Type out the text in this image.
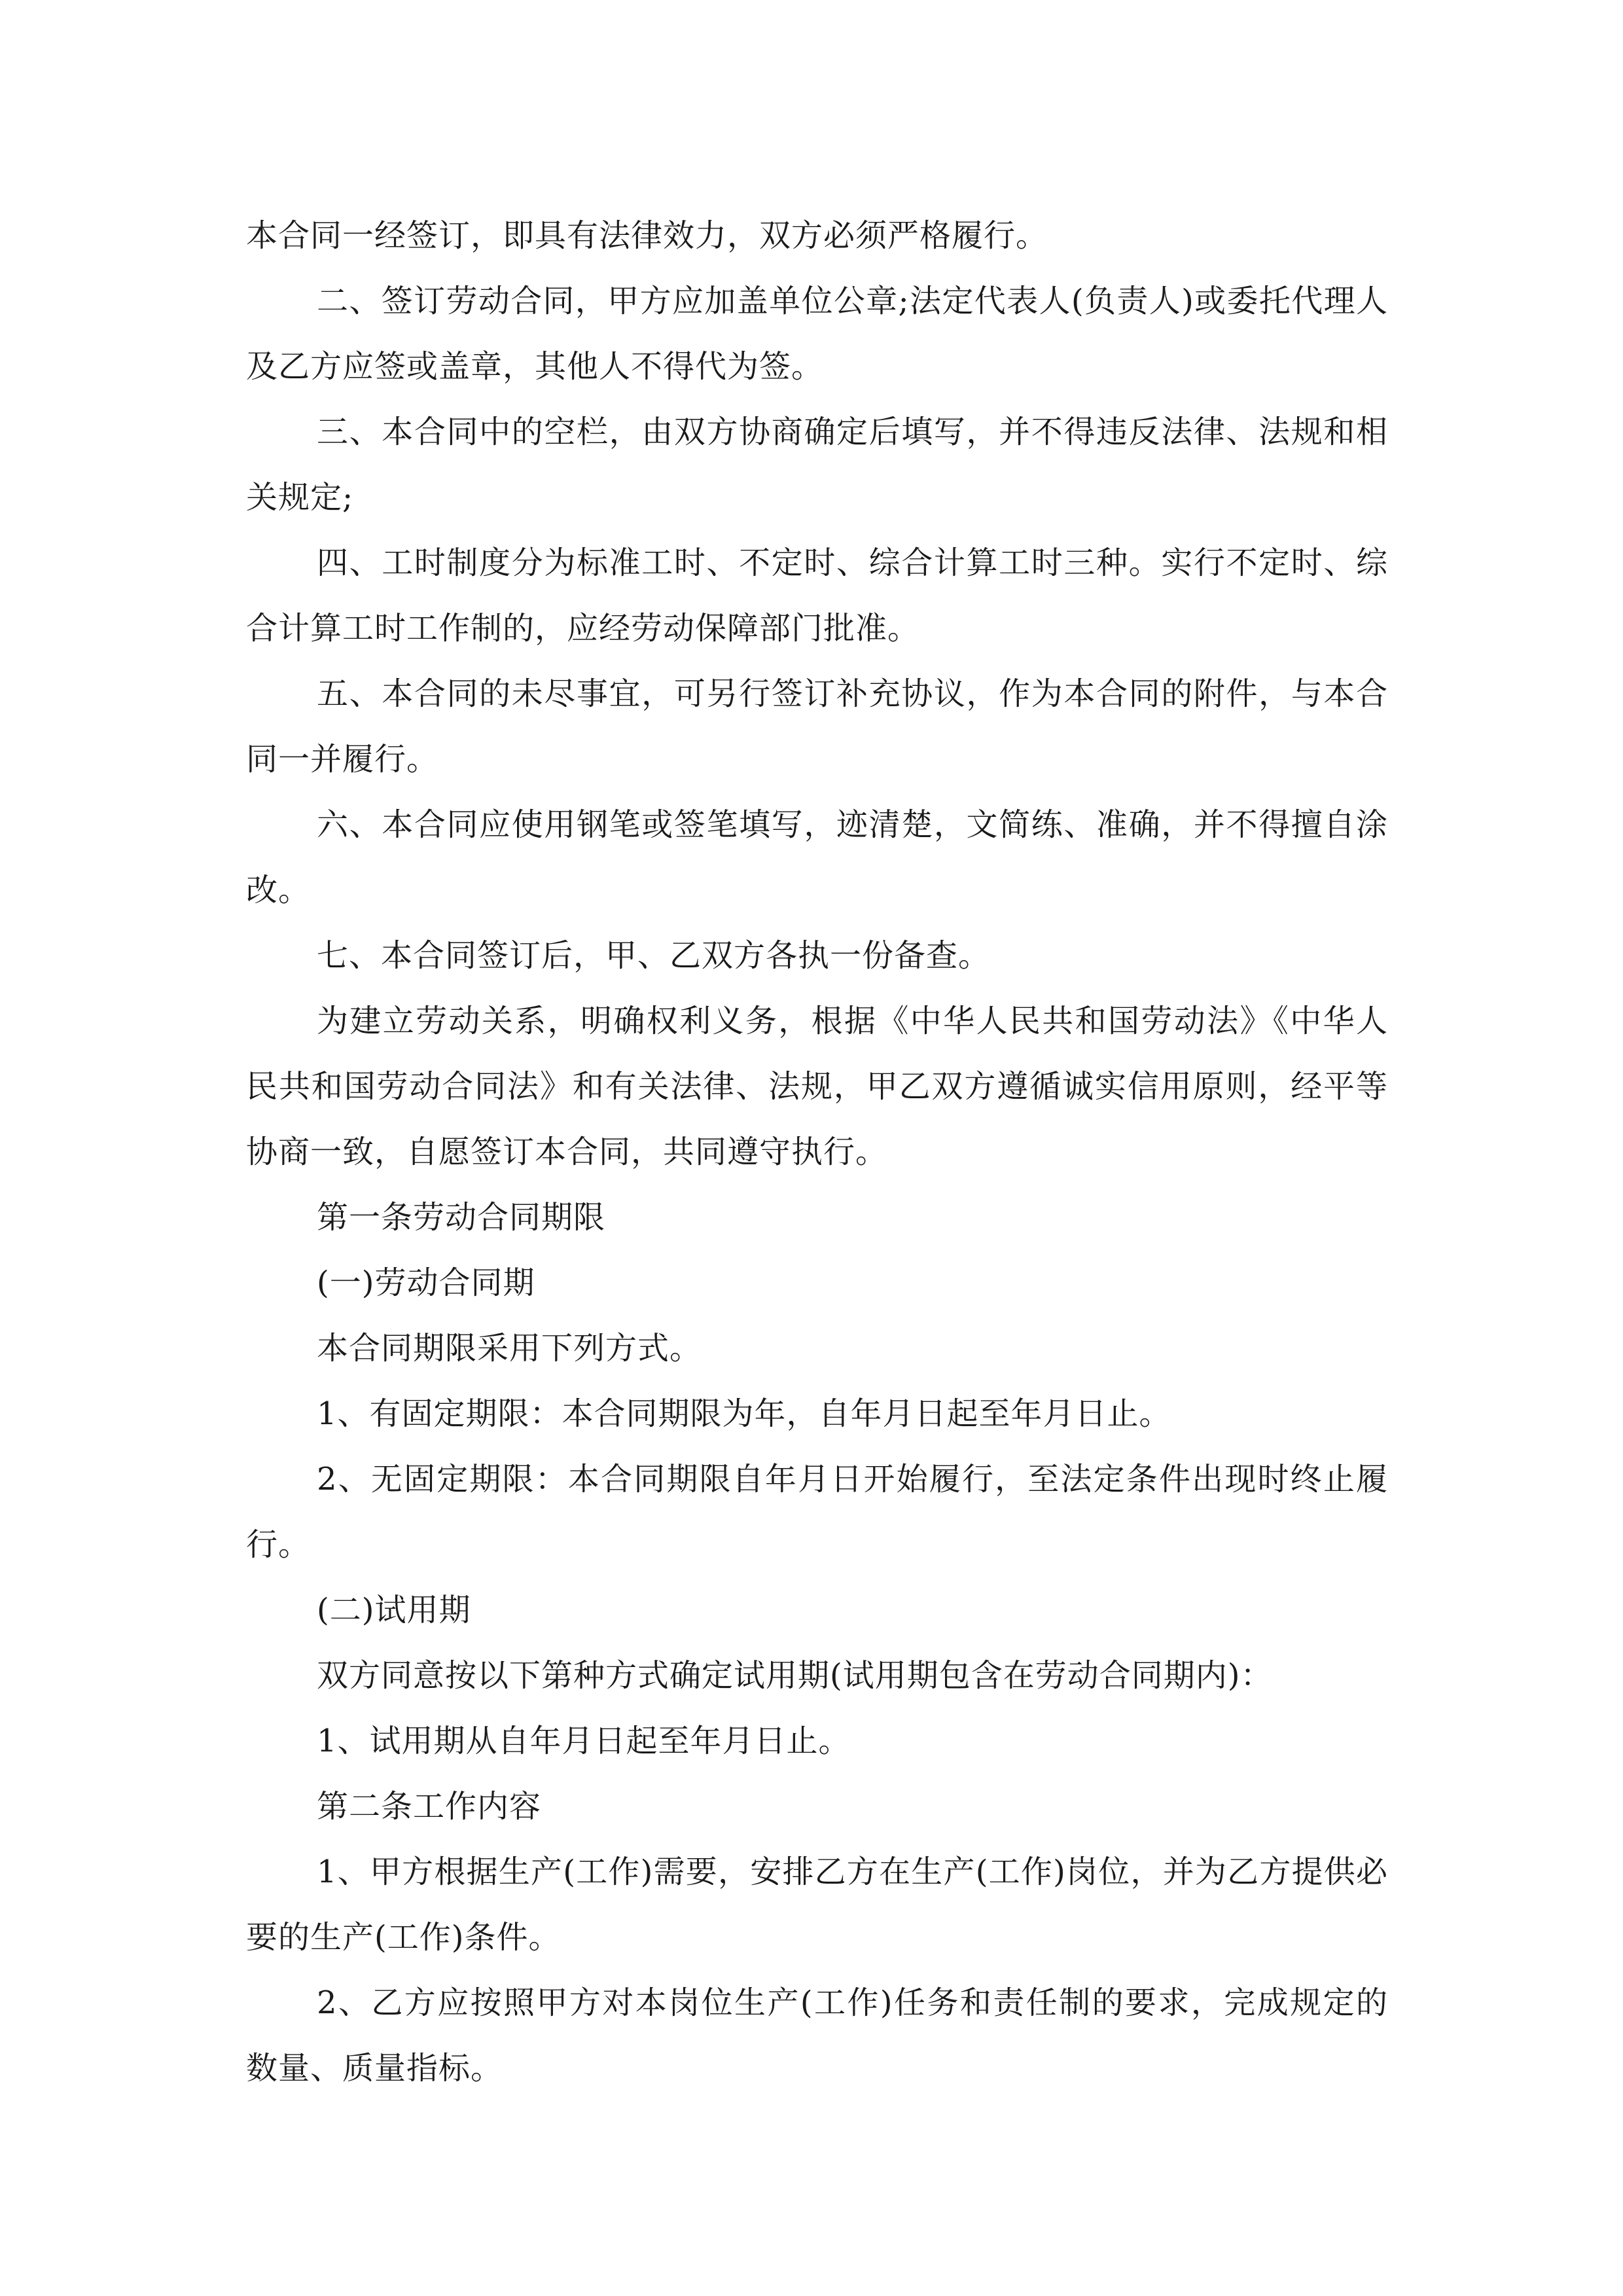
本合同一经签订，即具有法律效力，双方必须严格履行。

二、签订劳动合同，甲方应加盖单位公章;法定代表人(负责人)或委托代理人及乙方应签或盖章，其他人不得代为签。

三、本合同中的空栏，由双方协商确定后填写，并不得违反法律、法规和相关规定;

四、工时制度分为标准工时、不定时、综合计算工时三种。实行不定时、综合计算工时工作制的，应经劳动保障部门批准。

五、本合同的未尽事宜，可另行签订补充协议，作为本合同的附件，与本合同一并履行。

六、本合同应使用钢笔或签笔填写，迹清楚，文简练、准确，并不得擅自涂改。

七、本合同签订后，甲、乙双方各执一份备查。

为建立劳动关系，明确权利义务，根据《中华人民共和国劳动法》《中华人民共和国劳动合同法》和有关法律、法规，甲乙双方遵循诚实信用原则，经平等协商一致，自愿签订本合同，共同遵守执行。

第一条劳动合同期限

(一)劳动合同期

本合同期限采用下列方式。

1、有固定期限：本合同期限为年，自年月日起至年月日止。

2、无固定期限：本合同期限自年月日开始履行，至法定条件出现时终止履行。

(二)试用期

双方同意按以下第种方式确定试用期(试用期包含在劳动合同期内)：

1、试用期从自年月日起至年月日止。

第二条工作内容

1、甲方根据生产(工作)需要，安排乙方在生产(工作)岗位，并为乙方提供必要的生产(工作)条件。

2、乙方应按照甲方对本岗位生产(工作)任务和责任制的要求，完成规定的数量、质量指标。
